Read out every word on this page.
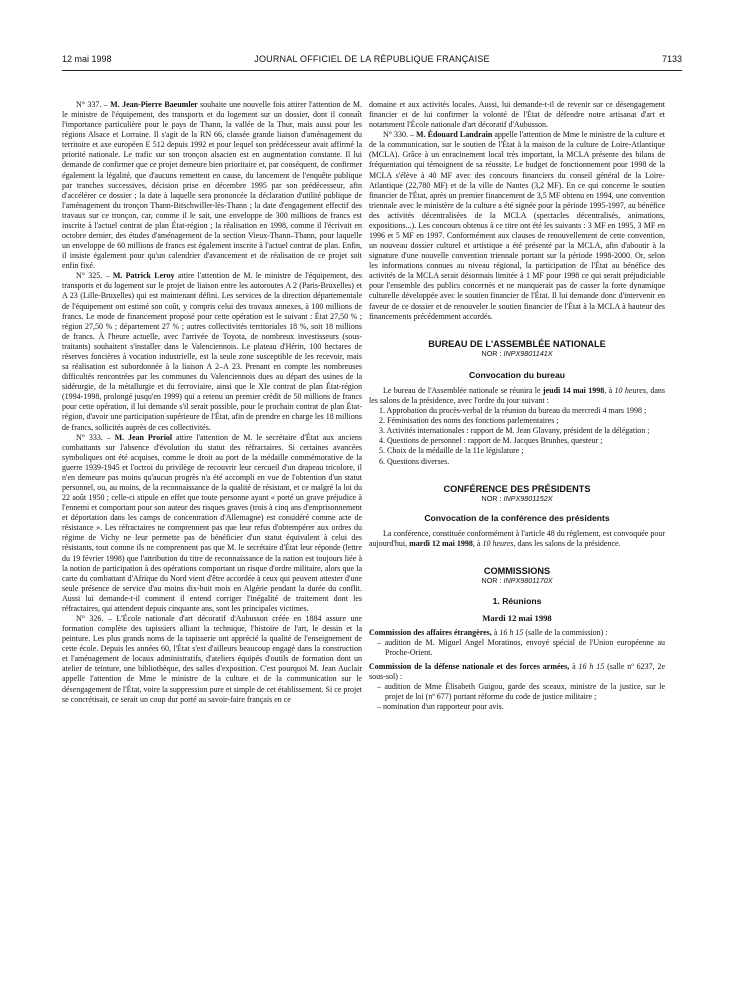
12 mai 1998	JOURNAL OFFICIEL DE LA RÉPUBLIQUE FRANÇAISE	7133

N° 337. – M. Jean-Pierre Baeumler souhaite une nouvelle fois attirer l'attention de M. le ministre de l'équipement, des transports et du logement sur un dossier, dont il connaît l'importance particulière pour le pays de Thann, la vallée de la Thur, mais aussi pour les régions Alsace et Lorraine. Il s'agit de la RN 66, classée grande liaison d'aménagement du territoire et axe européen E 512 depuis 1992 et pour lequel son prédécesseur avait affirmé la priorité nationale. Le trafic sur son tronçon alsacien est en augmentation constante. Il lui demande de confirmer que ce projet demeure bien prioritaire et, par conséquent, de confirmer également la légalité, que d'aucuns remettent en cause, du lancement de l'enquête publique par tranches successives, décision prise en décembre 1995 par son prédécesseur, afin d'accélérer ce dossier ; la date à laquelle sera prononcée la déclaration d'utilité publique de l'aménagement du tronçon Thann-Bitschwiller-lès-Thann ; la date d'engagement effectif des travaux sur ce tronçon, car, comme il le sait, une enveloppe de 300 millions de francs est inscrite à l'actuel contrat de plan État-région ; la réalisation en 1998, comme il l'écrivait en octobre dernier, des études d'aménagement de la section Vieux-Thann–Thann, pour laquelle un enveloppe de 60 millions de francs est également inscrite à l'actuel contrat de plan. Enfin, il insiste également pour qu'un calendrier d'avancement et de réalisation de ce projet soit enfin fixé.

N° 325. – M. Patrick Leroy attire l'attention de M. le ministre de l'équipement, des transports et du logement sur le projet de liaison entre les autoroutes A 2 (Paris-Bruxelles) et A 23 (Lille-Bruxelles) qui est maintenant défini. Les services de la direction départementale de l'équipement ont estimé son coût, y compris celui des travaux annexes, à 100 millions de francs. Le mode de financement proposé pour cette opération est le suivant : État 27,50 % ; région 27,50 % ; département 27 % ; autres collectivités territoriales 18 %, soit 18 millions de francs. À l'heure actuelle, avec l'arrivée de Toyota, de nombreux investisseurs (sous-traitants) souhaitent s'installer dans le Valenciennois. Le plateau d'Hérin, 100 hectares de réserves foncières à vocation industrielle, est la seule zone susceptible de les recevoir, mais sa réalisation est subordonnée à la liaison A 2–A 23. Prenant en compte les nombreuses difficultés rencontrées par les communes du Valenciennois dues au départ des usines de la sidérurgie, de la métallurgie et du ferroviaire, ainsi que le XIe contrat de plan État-région (1994-1998, prolongé jusqu'en 1999) qui a retenu un premier crédit de 50 millions de francs pour cette opération, il lui demande s'il serait possible, pour le prochain contrat de plan État-région, d'avoir une participation supérieure de l'État, afin de prendre en charge les 18 millions de francs, sollicités auprès de ces collectivités.

N° 333. – M. Jean Proriol attire l'attention de M. le secrétaire d'État aux anciens combattants sur l'absence d'évolution du statut des réfractaires. Si certaines avancées symboliques ont été acquises, comme le droit au port de la médaille commémorative de la guerre 1939-1945 et l'octroi du privilège de recouvrir leur cercueil d'un drapeau tricolore, il n'en demeure pas moins qu'aucun progrès n'a été accompli en vue de l'obtention d'un statut personnel, ou, au moins, de la reconnaissance de la qualité de résistant, et ce malgré la loi du 22 août 1950 ; celle-ci stipule en effet que toute personne ayant « porté un grave préjudice à l'ennemi et comportant pour son auteur des risques graves (trois à cinq ans d'emprisonnement et déportation dans les camps de concentration d'Allemagne) est considéré comme acte de résistance ». Les réfractaires ne comprennent pas que leur refus d'obtempérer aux ordres du régime de Vichy ne leur permette pas de bénéficier d'un statut équivalent à celui des résistants, tout comme ils ne comprennent pas que M. le secrétaire d'État leur réponde (lettre du 19 février 1998) que l'attribution du titre de reconnaissance de la nation est toujours liée à la notion de participation à des opérations comportant un risque d'ordre militaire, alors que la carte du combattant d'Afrique du Nord vient d'être accordée à ceux qui peuvent attester d'une seule présence de service d'au moins dix-huit mois en Algérie pendant la durée du conflit. Aussi lui demande-t-il comment il entend corriger l'inégalité de traitement dont les réfractaires, qui attendent depuis cinquante ans, sont les principales victimes.

N° 326. – L'École nationale d'art décoratif d'Aubusson créée en 1884 assure une formation complète des tapissiers alliant la technique, l'histoire de l'art, le dessin et la peinture. Les plus grands noms de la tapisserie ont apprécié la qualité de l'enseignement de cette école. Depuis les années 60, l'État s'est d'ailleurs beaucoup engagé dans la construction et l'aménagement de locaux administratifs, d'ateliers équipés d'outils de formation dont un atelier de teinture, une bibliothèque, des salles d'exposition. C'est pourquoi M. Jean Auclair appelle l'attention de Mme le ministre de la culture et de la communication sur le désengagement de l'État, voire la suppression pure et simple de cet établissement. Si ce projet se concrétisait, ce serait un coup dur porté au savoir-faire français en ce

domaine et aux activités locales. Aussi, lui demande-t-il de revenir sur ce désengagement financier et de lui confirmer la volonté de l'État de défendre notre artisanat d'art et notamment l'École nationale d'art décoratif d'Aubusson.

N° 330. – M. Édouard Landrain appelle l'attention de Mme le ministre de la culture et de la communication, sur le soutien de l'État à la maison de la culture de Loire-Atlantique (MCLA). Grâce à un enracinement local très important, la MCLA présente des bilans de fréquentation qui témoignent de sa réussite. Le budget de fonctionnement pour 1998 de la MCLA s'élève à 40 MF avec des concours financiers du conseil général de la Loire-Atlantique (22,780 MF) et de la ville de Nantes (3,2 MF). En ce qui concerne le soutien financier de l'État, après un premier financement de 3,5 MF obtenu en 1994, une convention triennale avec le ministère de la culture a été signée pour la période 1995-1997, au bénéfice des activités décentralisées de la MCLA (spectacles décentralisés, animations, expositions...). Les concours obtenus à ce titre ont été les suivants : 3 MF en 1995, 3 MF en 1996 et 5 MF en 1997. Conformément aux clauses de renouvellement de cette convention, un nouveau dossier culturel et artistique a été présenté par la MCLA, afin d'aboutir à la signature d'une nouvelle convention triennale portant sur la période 1998-2000. Or, selon les informations connues au niveau régional, la participation de l'État au bénéfice des activités de la MCLA serait désormais limitée à 1 MF pour 1998 ce qui serait préjudiciable pour l'ensemble des publics concernés et ne manquerait pas de casser la forte dynamique culturelle développée avec le soutien financier de l'État. Il lui demande donc d'intervenir en faveur de ce dossier et de renouveler le soutien financier de l'État à la MCLA à hauteur des financements précédemment accordés.

BUREAU DE L'ASSEMBLÉE NATIONALE

NOR : INPX9801141X

Convocation du bureau

Le bureau de l'Assemblée nationale se réunira le jeudi 14 mai 1998, à 10 heures, dans les salons de la présidence, avec l'ordre du jour suivant :

1. Approbation du procès-verbal de la réunion du bureau du mercredi 4 mars 1998 ;

2. Féminisation des noms des fonctions parlementaires ;

3. Activités internationales : rapport de M. Jean Glavany, président de la délégation ;

4. Questions de personnel : rapport de M. Jacques Brunhes, questeur ;

5. Choix de la médaille de la 11e législature ;

6. Questions diverses.

CONFÉRENCE DES PRÉSIDENTS

NOR : INPX9801152X

Convocation de la conférence des présidents

La conférence, constituée conformément à l'article 48 du règlement, est convoquée pour aujourd'hui, mardi 12 mai 1998, à 10 heures, dans les salons de la présidence.

COMMISSIONS

NOR : INPX9801170X

1. Réunions

Mardi 12 mai 1998

Commission des affaires étrangères, à 16 h 15 (salle de la commission) :

– audition de M. Miguel Angel Moratinos, envoyé spécial de l'Union européenne au Proche-Orient.

Commission de la défense nationale et des forces armées, à 16 h 15 (salle nº 6237, 2e sous-sol) :

– audition de Mme Élisabeth Guigou, garde des sceaux, ministre de la justice, sur le projet de loi (nº 677) portant réforme du code de justice militaire ;

– nomination d'un rapporteur pour avis.
